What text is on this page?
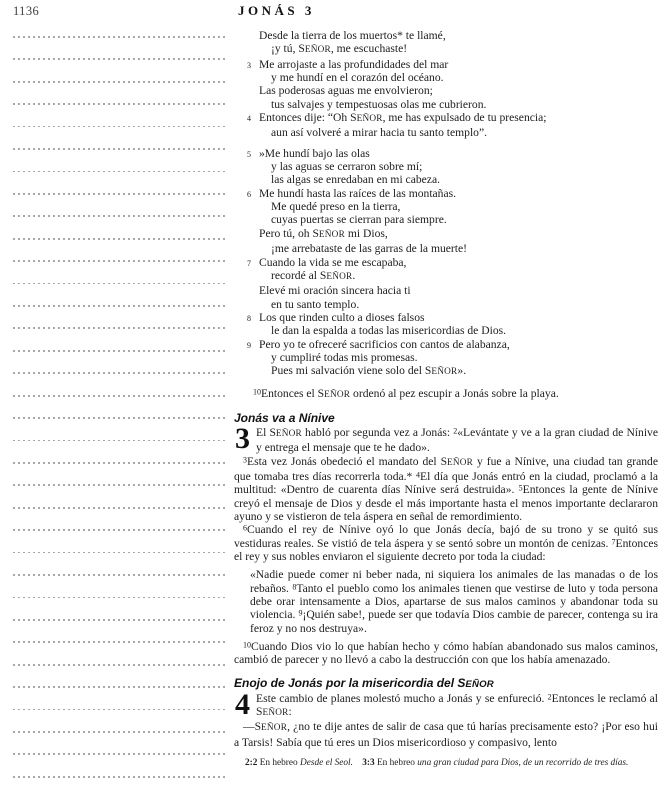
1136	JONÁS 3
Desde la tierra de los muertos* te llamé,
¡y tú, SEÑOR, me escuchaste!
3 Me arrojaste a las profundidades del mar
y me hundí en el corazón del océano.
Las poderosas aguas me envolvieron;
tus salvajes y tempestuosas olas me cubrieron.
4 Entonces dije: “Oh SEÑOR, me has expulsado de tu presencia;
aun así volveré a mirar hacia tu santo templo”.
5 »Me hundí bajo las olas
y las aguas se cerraron sobre mí;
las algas se enredaban en mi cabeza.
6 Me hundí hasta las raíces de las montañas.
Me quedé preso en la tierra,
cuyas puertas se cierran para siempre.
Pero tú, oh SEÑOR mi Dios,
¡me arrebataste de las garras de la muerte!
7 Cuando la vida se me escapaba,
recordé al SEÑOR.
Elevé mi oración sincera hacia ti
en tu santo templo.
8 Los que rinden culto a dioses falsos
le dan la espalda a todas las misericordias de Dios.
9 Pero yo te ofreceré sacrificios con cantos de alabanza,
y cumpliré todas mis promesas.
Pues mi salvación viene solo del SEÑOR».
$^{10}$Entonces el SEÑOR ordenó al pez escupir a Jonás sobre la playa.
Jonás va a Nínive
3 El SEÑOR habló por segunda vez a Jonás: $^2$«Levántate y ve a la gran ciudad de Nínive y entrega el mensaje que te he dado».
$^3$Esta vez Jonás obedeció el mandato del SEÑOR y fue a Nínive, una ciudad tan grande que tomaba tres días recorrerla toda.* $^4$El día que Jonás entró en la ciudad, proclamó a la multitud: «Dentro de cuarenta días Nínive será destruida». $^5$Entonces la gente de Nínive creyó el mensaje de Dios y desde el más importante hasta el menos importante declararon ayuno y se vistieron de tela áspera en señal de remordimiento.
$^6$Cuando el rey de Nínive oyó lo que Jonás decía, bajó de su trono y se quitó sus vestiduras reales. Se vistió de tela áspera y se sentó sobre un montón de cenizas. $^7$Entonces el rey y sus nobles enviaron el siguiente decreto por toda la ciudad:
«Nadie puede comer ni beber nada, ni siquiera los animales de las manadas o de los rebaños. $^8$Tanto el pueblo como los animales tienen que vestirse de luto y toda persona debe orar intensamente a Dios, apartarse de sus malos caminos y abandonar toda su violencia. $^9$¡Quién sabe!, puede ser que todavía Dios cambie de parecer, contenga su ira feroz y no nos destruya».
$^{10}$Cuando Dios vio lo que habían hecho y cómo habían abandonado sus malos caminos, cambió de parecer y no llevó a cabo la destrucción con que los había amenazado.
Enojo de Jonás por la misericordia del SEÑOR
4 Este cambio de planes molestó mucho a Jonás y se enfureció. $^2$Entonces le reclamó al SEÑOR:
—SEÑOR, ¿no te dije antes de salir de casa que tú harías precisamente esto? ¡Por eso hui a Tarsis! Sabía que tú eres un Dios misericordioso y compasivo, lento
2:2 En hebreo Desde el Seol. 3:3 En hebreo una gran ciudad para Dios, de un recorrido de tres días.
